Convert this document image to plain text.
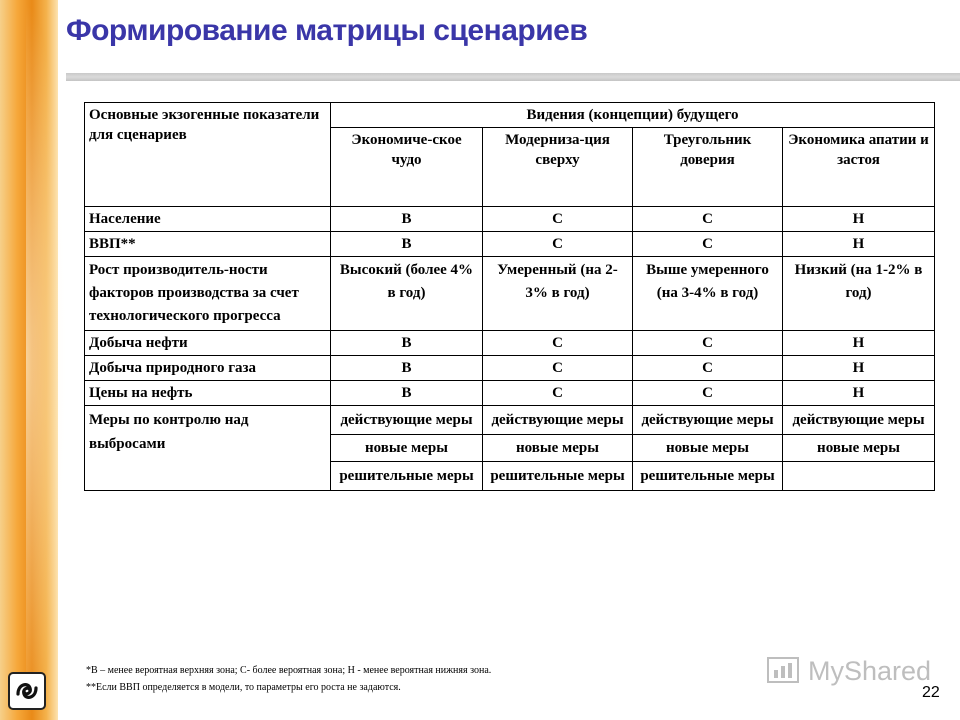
Формирование матрицы сценариев
Основные экзогенные показатели для сценариев	Видения (концепции) будущего			
	Экономиче-ское чудо	Модерниза-ция сверху	Треугольник доверия	Экономика апатии и застоя
Население	В	С	С	Н
ВВП**	В	С	С	Н
Рост производитель-ности факторов производства за счет технологического прогресса	Высокий (более 4% в год)	Умеренный (на 2-3% в год)	Выше умеренного (на 3-4% в год)	Низкий (на 1-2% в год)
Добыча нефти	В	С	С	Н
Добыча природного газа	В	С	С	Н
Цены на нефть	В	С	С	Н
Меры по контролю над выбросами	действующие меры	действующие меры	действующие меры	действующие меры
	новые меры	новые меры	новые меры	новые меры
	решительные меры	решительные меры	решительные меры	
*В – менее вероятная верхняя зона; С- более вероятная зона; Н - менее вероятная нижняя зона.
**Если ВВП определяется в модели, то параметры его роста не задаются.
MyShared
22
